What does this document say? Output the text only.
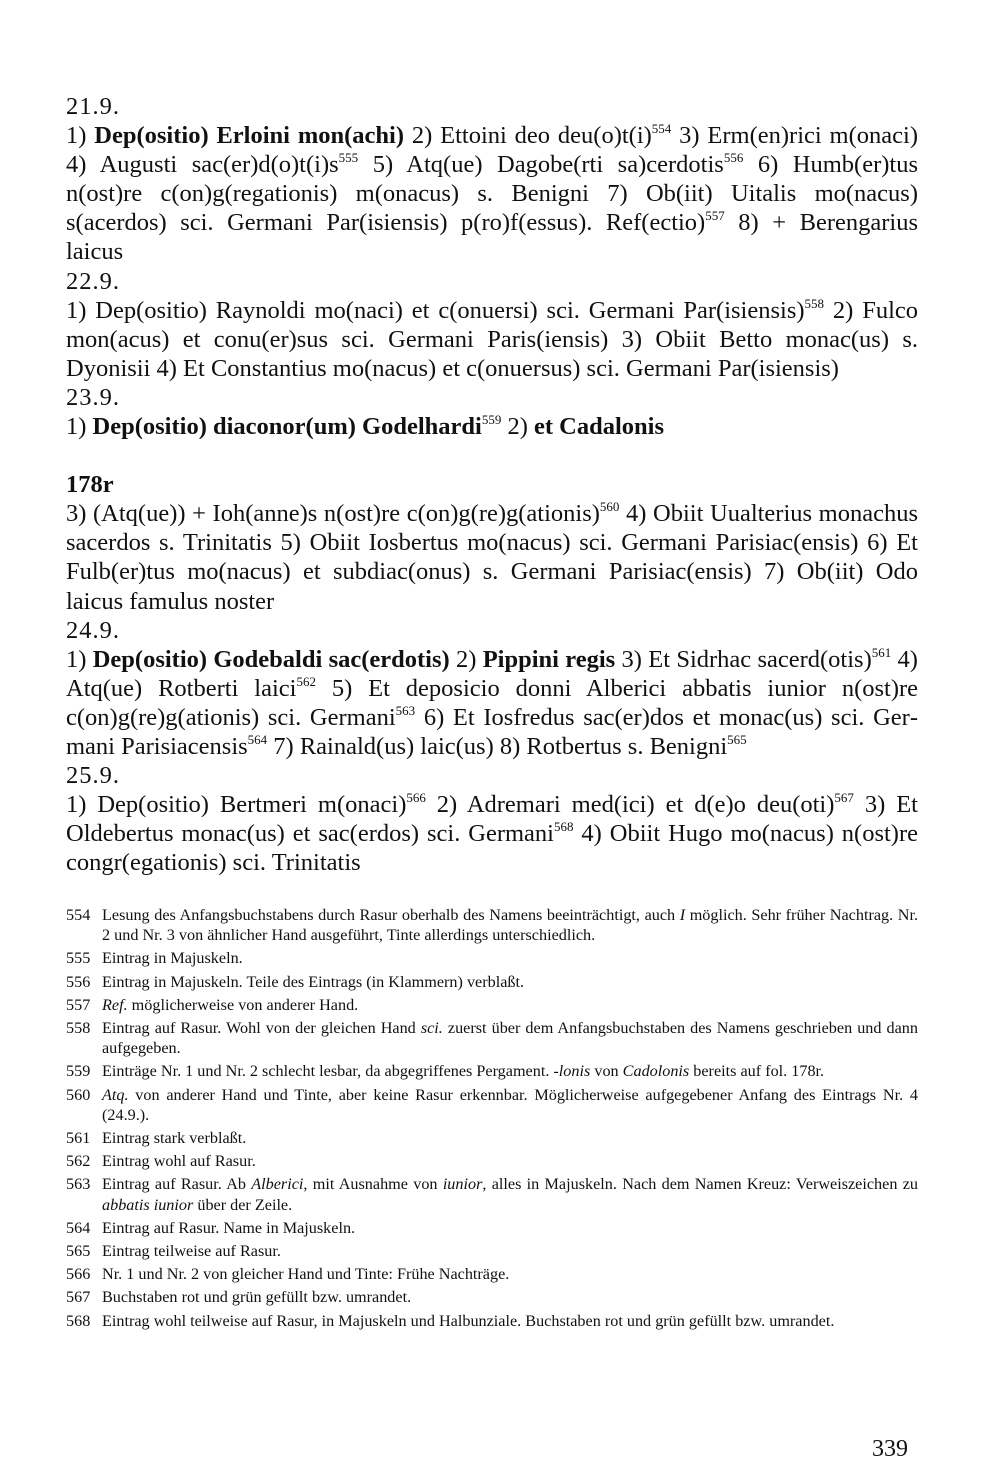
21.9.
1) Dep(ositio) Erloini mon(achi) 2) Ettoini deo $deu(o)t(i)^{554}$ 3) Erm(en)rici m(onaci) 4) Augusti $sac(er)d(o)t(i)s^{555}$ 5) Atq(ue) Dagobe(rti sa)cerdotis$^{556}$ 6) Humb(er)tus n(ost)re c(on)g(regationis) m(onacus) s. Benigni 7) Ob(iit) Uitalis mo(nacus) s(acerdos) sci. Germani Par(isiensis) p(ro)f(essus). Ref(ectio)$^{557}$ 8) + Berengarius laicus
22.9.
1) Dep(ositio) Raynoldi mo(naci) et c(onuersi) sci. Germani Par(isiensis)$^{558}$ 2) Fulco mon(acus) et conu(er)sus sci. Germani Paris(iensis) 3) Obiit Betto monac(us) s. Dyonisii 4) Et Constantius mo(nacus) et c(onuersus) sci. Germani Par(isiensis)
23.9.
1) Dep(ositio) diaconor(um) Godelhardi$^{559}$ 2) et Cadalonis
178r
3) (Atq(ue)) + Ioh(anne)s n(ost)re c(on)g(re)g(ationis)$^{560}$ 4) Obiit Uualterius monachus sacerdos s. Trinitatis 5) Obiit Iosbertus mo(nacus) sci. Germani Parisiac(ensis) 6) Et Fulb(er)tus mo(nacus) et subdiac(onus) s. Germani Parisiac(ensis) 7) Ob(iit) Odo laicus famulus noster
24.9.
1) Dep(ositio) Godebaldi sac(erdotis) 2) Pippini regis 3) Et Sidrhac sacerd(otis)$^{561}$ 4) Atq(ue) Rotberti laici$^{562}$ 5) Et deposicio donni Alberici abbatis iunior n(ost)re c(on)g(re)g(ationis) sci. Germani$^{563}$ 6) Et Iosfredus sac(er)dos et monac(us) sci. Germani Parisiacensis$^{564}$ 7) Rainald(us) laic(us) 8) Rotbertus s. Benigni$^{565}$
25.9.
1) Dep(ositio) Bertmeri m(onaci)$^{566}$ 2) Adremari med(ici) et d(e)o deu(oti)$^{567}$ 3) Et Oldebertus monac(us) et sac(erdos) sci. Germani$^{568}$ 4) Obiit Hugo mo(nacus) n(ost)re congr(egationis) sci. Trinitatis
554 Lesung des Anfangsbuchstabens durch Rasur oberhalb des Namens beeinträchtigt, auch I möglich. Sehr früher Nachtrag. Nr. 2 und Nr. 3 von ähnlicher Hand ausgeführt, Tinte allerdings unterschiedlich.
555 Eintrag in Majuskeln.
556 Eintrag in Majuskeln. Teile des Eintrags (in Klammern) verblaßt.
557 Ref. möglicherweise von anderer Hand.
558 Eintrag auf Rasur. Wohl von der gleichen Hand sci. zuerst über dem Anfangsbuchstaben des Namens geschrieben und dann aufgegeben.
559 Einträge Nr. 1 und Nr. 2 schlecht lesbar, da abgegriffenes Pergament. -lonis von Cadolonis bereits auf fol. 178r.
560 Atq. von anderer Hand und Tinte, aber keine Rasur erkennbar. Möglicherweise aufgegebener Anfang des Eintrags Nr. 4 (24.9.).
561 Eintrag stark verblaßt.
562 Eintrag wohl auf Rasur.
563 Eintrag auf Rasur. Ab Alberici, mit Ausnahme von iunior, alles in Majuskeln. Nach dem Namen Kreuz: Verweiszeichen zu abbatis iunior über der Zeile.
564 Eintrag auf Rasur. Name in Majuskeln.
565 Eintrag teilweise auf Rasur.
566 Nr. 1 und Nr. 2 von gleicher Hand und Tinte: Frühe Nachträge.
567 Buchstaben rot und grün gefüllt bzw. umrandet.
568 Eintrag wohl teilweise auf Rasur, in Majuskeln und Halbunziale. Buchstaben rot und grün gefüllt bzw. umrandet.
339
